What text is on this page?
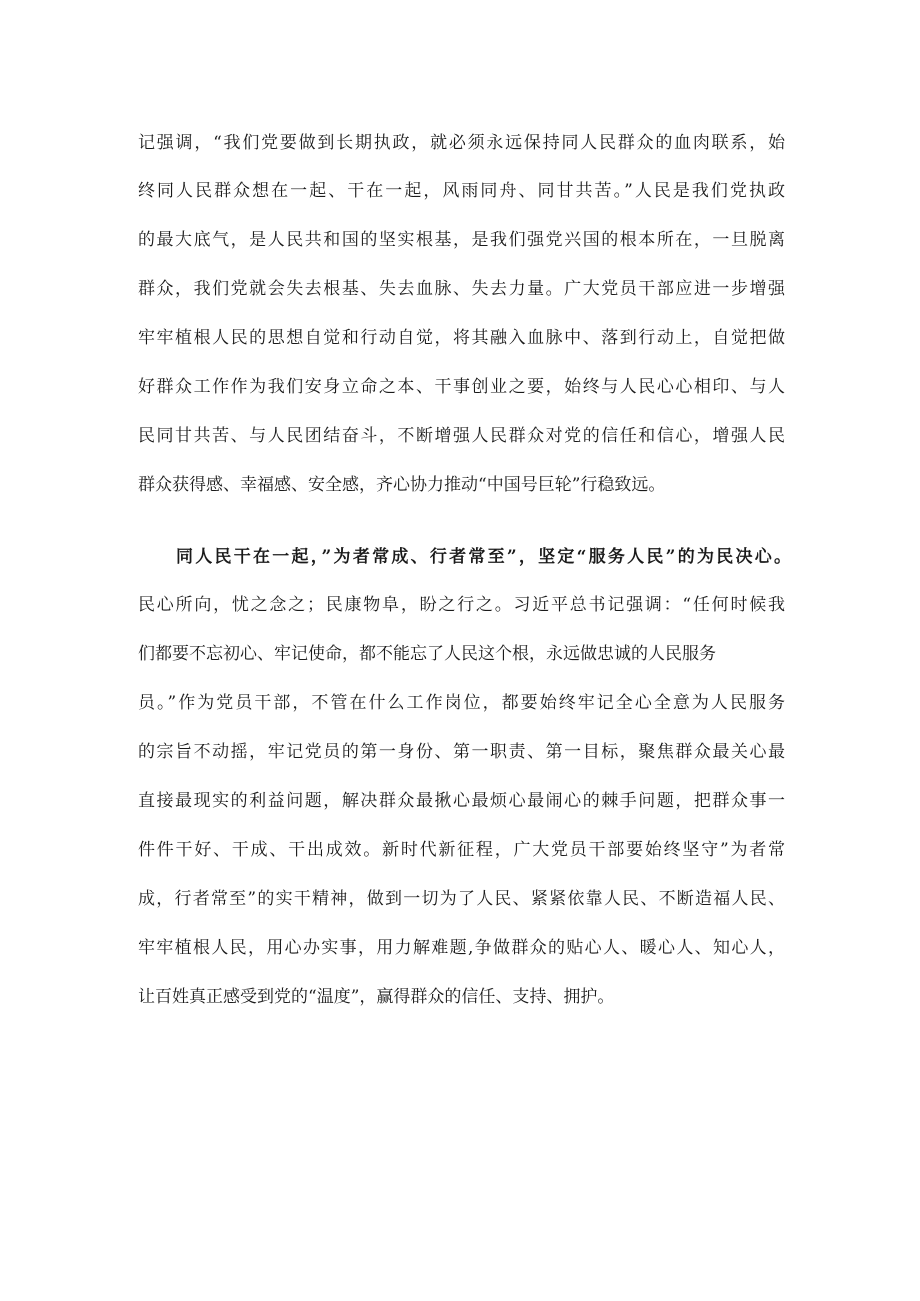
记强调，“我们党要做到长期执政，就必须永远保持同人民群众的血肉联系，始
终同人民群众想在一起、干在一起，风雨同舟、同甘共苦。”人民是我们党执政
的最大底气，是人民共和国的坚实根基，是我们强党兴国的根本所在，一旦脱离
群众，我们党就会失去根基、失去血脉、失去力量。广大党员干部应进一步增强
牢牢植根人民的思想自觉和行动自觉，将其融入血脉中、落到行动上，自觉把做
好群众工作作为我们安身立命之本、干事创业之要，始终与人民心心相印、与人
民同甘共苦、与人民团结奋斗，不断增强人民群众对党的信任和信心，增强人民
群众获得感、幸福感、安全感，齐心协力推动“中国号巨轮”行稳致远。
同人民干在一起，”为者常成、行者常至”，坚定“服务人民”的为民决心。
民心所向，忧之念之；民康物阜，盼之行之。习近平总书记强调：“任何时候我
们都要不忘初心、牢记使命，都不能忘了人民这个根，永远做忠诚的人民服务
员。”作为党员干部，不管在什么工作岗位，都要始终牢记全心全意为人民服务
的宗旨不动摇，牢记党员的第一身份、第一职责、第一目标，聚焦群众最关心最
直接最现实的利益问题，解决群众最揪心最烦心最闹心的棘手问题，把群众事一
件件干好、干成、干出成效。新时代新征程，广大党员干部要始终坚守”为者常
成，行者常至”的实干精神，做到一切为了人民、紧紧依靠人民、不断造福人民、
牢牢植根人民，用心办实事，用力解难题,争做群众的贴心人、暖心人、知心人，
让百姓真正感受到党的“温度”，赢得群众的信任、支持、拥护。
